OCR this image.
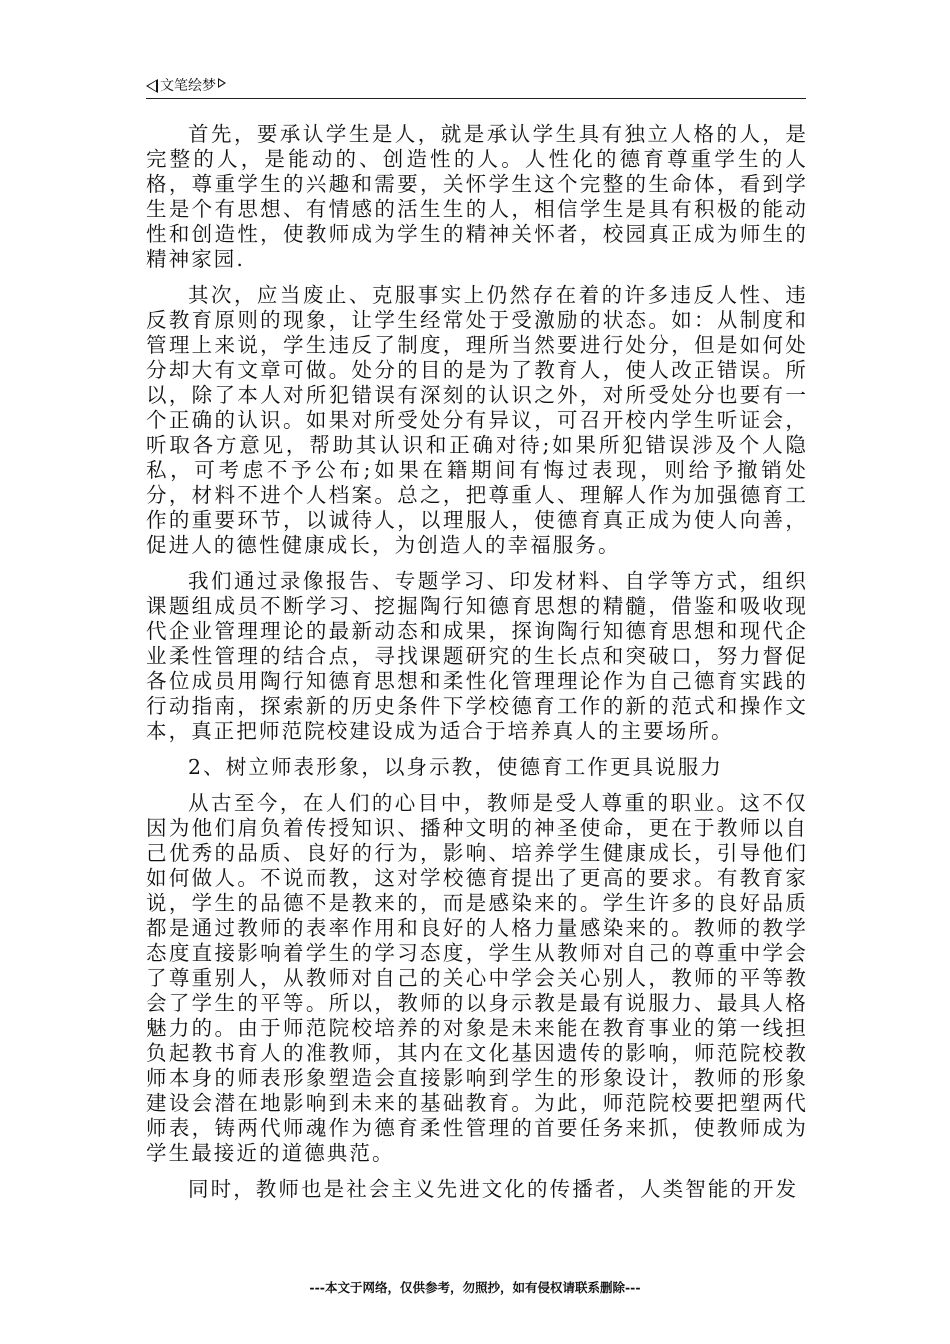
文笔绘梦

首先，要承认学生是人，就是承认学生具有独立人格的人，是完整的人，是能动的、创造性的人。人性化的德育尊重学生的人格，尊重学生的兴趣和需要，关怀学生这个完整的生命体，看到学生是个有思想、有情感的活生生的人，相信学生是具有积极的能动性和创造性，使教师成为学生的精神关怀者，校园真正成为师生的精神家园.

其次，应当废止、克服事实上仍然存在着的许多违反人性、违反教育原则的现象，让学生经常处于受激励的状态。如：从制度和管理上来说，学生违反了制度，理所当然要进行处分，但是如何处分却大有文章可做。处分的目的是为了教育人，使人改正错误。所以，除了本人对所犯错误有深刻的认识之外，对所受处分也要有一个正确的认识。如果对所受处分有异议，可召开校内学生听证会，听取各方意见，帮助其认识和正确对待;如果所犯错误涉及个人隐私，可考虑不予公布;如果在籍期间有悔过表现，则给予撤销处分，材料不进个人档案。总之，把尊重人、理解人作为加强德育工作的重要环节，以诚待人，以理服人，使德育真正成为使人向善，促进人的德性健康成长，为创造人的幸福服务。

我们通过录像报告、专题学习、印发材料、自学等方式，组织课题组成员不断学习、挖掘陶行知德育思想的精髓，借鉴和吸收现代企业管理理论的最新动态和成果，探询陶行知德育思想和现代企业柔性管理的结合点，寻找课题研究的生长点和突破口，努力督促各位成员用陶行知德育思想和柔性化管理理论作为自己德育实践的行动指南，探索新的历史条件下学校德育工作的新的范式和操作文本，真正把师范院校建设成为适合于培养真人的主要场所。

2、树立师表形象，以身示教，使德育工作更具说服力

从古至今，在人们的心目中，教师是受人尊重的职业。这不仅因为他们肩负着传授知识、播种文明的神圣使命，更在于教师以自己优秀的品质、良好的行为，影响、培养学生健康成长，引导他们如何做人。不说而教，这对学校德育提出了更高的要求。有教育家说，学生的品德不是教来的，而是感染来的。学生许多的良好品质都是通过教师的表率作用和良好的人格力量感染来的。教师的教学态度直接影响着学生的学习态度，学生从教师对自己的尊重中学会了尊重别人，从教师对自己的关心中学会关心别人，教师的平等教会了学生的平等。所以，教师的以身示教是最有说服力、最具人格魅力的。由于师范院校培养的对象是未来能在教育事业的第一线担负起教书育人的准教师，其内在文化基因遗传的影响，师范院校教师本身的师表形象塑造会直接影响到学生的形象设计，教师的形象建设会潜在地影响到未来的基础教育。为此，师范院校要把塑两代师表，铸两代师魂作为德育柔性管理的首要任务来抓，使教师成为学生最接近的道德典范。

同时，教师也是社会主义先进文化的传播者，人类智能的开发

---本文于网络，仅供参考，勿照抄，如有侵权请联系删除---
